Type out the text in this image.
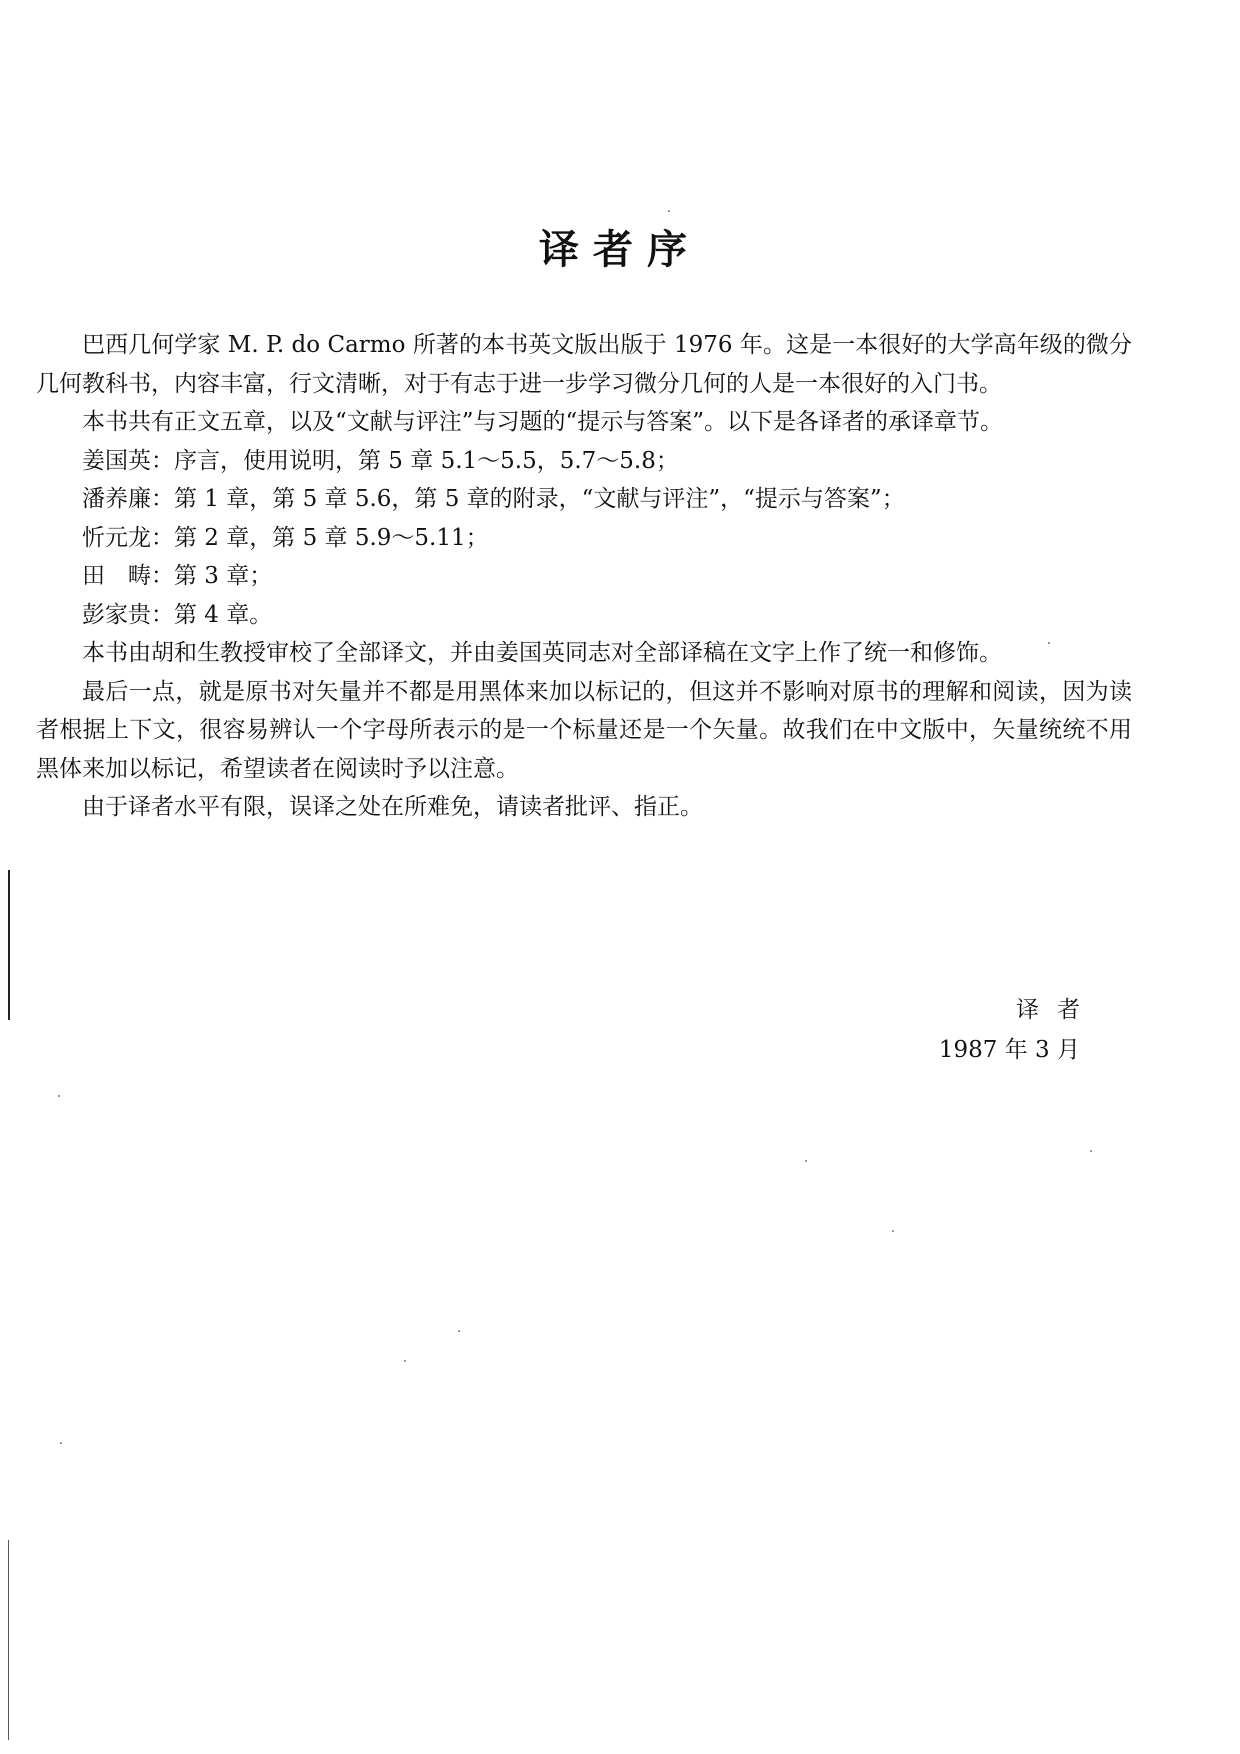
译者序

巴西几何学家 M. P. do Carmo 所著的本书英文版出版于 1976 年。这是一本很好的大学高年级的微分几何教科书，内容丰富，行文清晰，对于有志于进一步学习微分几何的人是一本很好的入门书。

本书共有正文五章，以及“文献与评注”与习题的“提示与答案”。以下是各译者的承译章节。

姜国英：序言，使用说明，第 5 章 5.1～5.5，5.7～5.8；

潘养廉：第 1 章，第 5 章 5.6，第 5 章的附录，“文献与评注”，“提示与答案”；

忻元龙：第 2 章，第 5 章 5.9～5.11；

田　畴：第 3 章；

彭家贵：第 4 章。

本书由胡和生教授审校了全部译文，并由姜国英同志对全部译稿在文字上作了统一和修饰。

最后一点，就是原书对矢量并不都是用黑体来加以标记的，但这并不影响对原书的理解和阅读，因为读者根据上下文，很容易辨认一个字母所表示的是一个标量还是一个矢量。故我们在中文版中，矢量统统不用黑体来加以标记，希望读者在阅读时予以注意。

由于译者水平有限，误译之处在所难免，请读者批评、指正。

译者
1987 年 3 月
